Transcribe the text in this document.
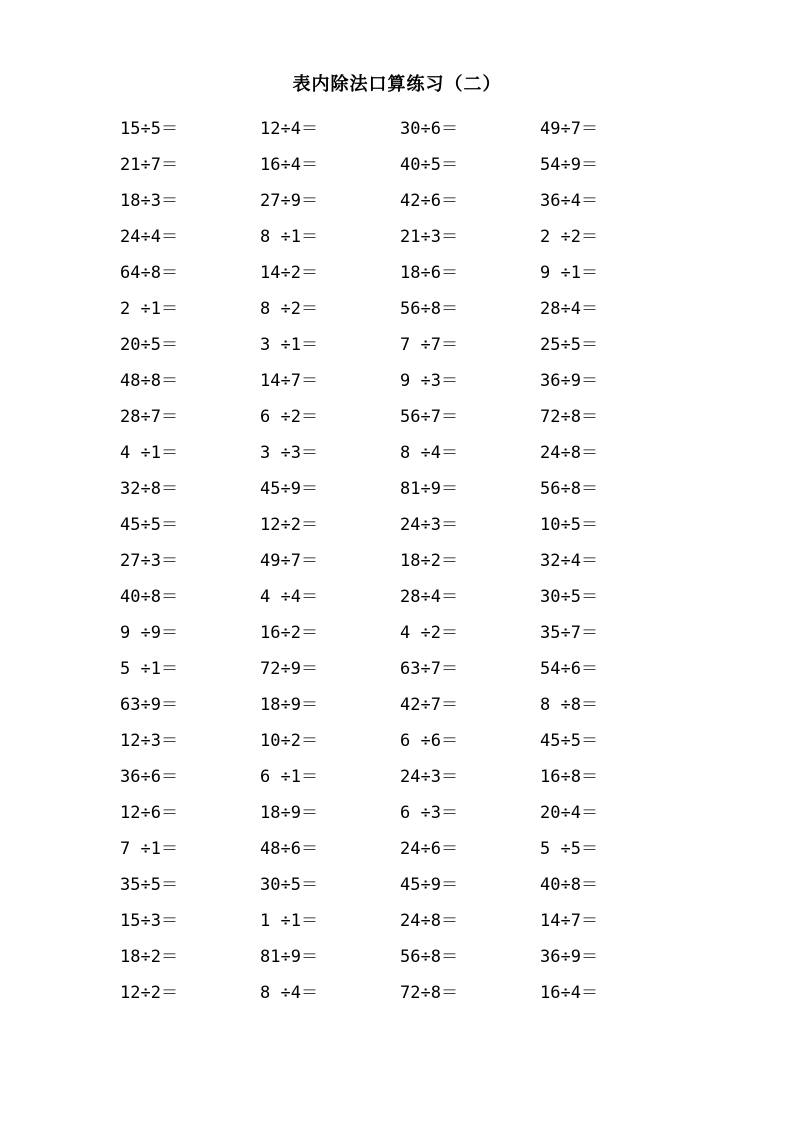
表内除法口算练习（二）
15÷5＝	12÷4＝	30÷6＝	49÷7＝
21÷7＝	16÷4＝	40÷5＝	54÷9＝
18÷3＝	27÷9＝	42÷6＝	36÷4＝
24÷4＝	8 ÷1＝	21÷3＝	2 ÷2＝
64÷8＝	14÷2＝	18÷6＝	9 ÷1＝
2 ÷1＝	8 ÷2＝	56÷8＝	28÷4＝
20÷5＝	3 ÷1＝	7 ÷7＝	25÷5＝
48÷8＝	14÷7＝	9 ÷3＝	36÷9＝
28÷7＝	6 ÷2＝	56÷7＝	72÷8＝
4 ÷1＝	3 ÷3＝	8 ÷4＝	24÷8＝
32÷8＝	45÷9＝	81÷9＝	56÷8＝
45÷5＝	12÷2＝	24÷3＝	10÷5＝
27÷3＝	49÷7＝	18÷2＝	32÷4＝
40÷8＝	4 ÷4＝	28÷4＝	30÷5＝
9 ÷9＝	16÷2＝	4 ÷2＝	35÷7＝
5 ÷1＝	72÷9＝	63÷7＝	54÷6＝
63÷9＝	18÷9＝	42÷7＝	8 ÷8＝
12÷3＝	10÷2＝	6 ÷6＝	45÷5＝
36÷6＝	6 ÷1＝	24÷3＝	16÷8＝
12÷6＝	18÷9＝	6 ÷3＝	20÷4＝
7 ÷1＝	48÷6＝	24÷6＝	5 ÷5＝
35÷5＝	30÷5＝	45÷9＝	40÷8＝
15÷3＝	1 ÷1＝	24÷8＝	14÷7＝
18÷2＝	81÷9＝	56÷8＝	36÷9＝
12÷2＝	8 ÷4＝	72÷8＝	16÷4＝
